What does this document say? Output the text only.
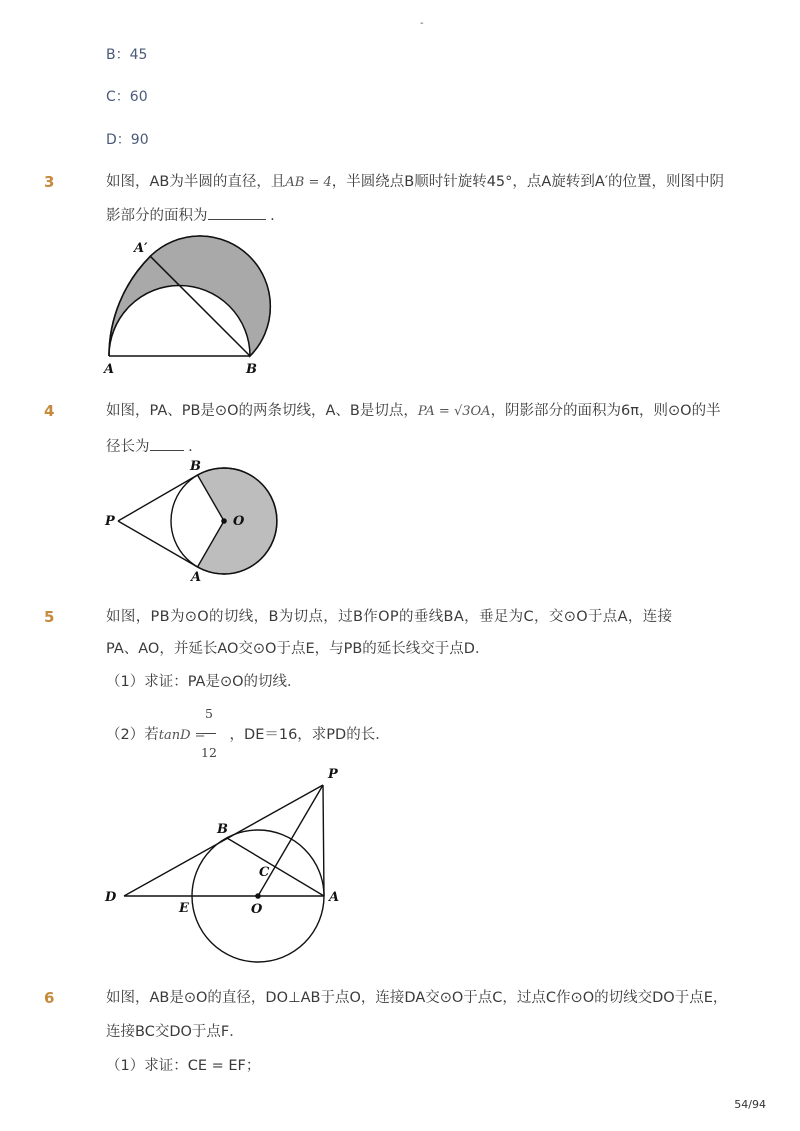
-
B：45
C：60
D：90
3	如图，AB为半圆的直径，且AB = 4，半圆绕点B顺时针旋转45°，点A旋转到A′的位置，则图中阴
影部分的面积为	.
A′
A	B
4	如图，PA、PB是⊙O的两条切线，A、B是切点，PA = √3OA，阴影部分的面积为6π，则⊙O的半
径长为	.
P
B
O
A
5	如图，PB为⊙O的切线，B为切点，过B作OP的垂线BA，垂足为C，交⊙O于点A，连接
PA、AO，并延长AO交⊙O于点E，与PB的延长线交于点D．
（1）求证：PA是⊙O的切线．
（2）若tanD = ，DE＝16，求PD的长．
5
12
P
B
C
D
E	O
A
6	如图，AB是⊙O的直径，DO⊥AB于点O，连接DA交⊙O于点C，过点C作⊙O的切线交DO于点E，
连接BC交DO于点F．
（1）求证：CE = EF；
54/94
